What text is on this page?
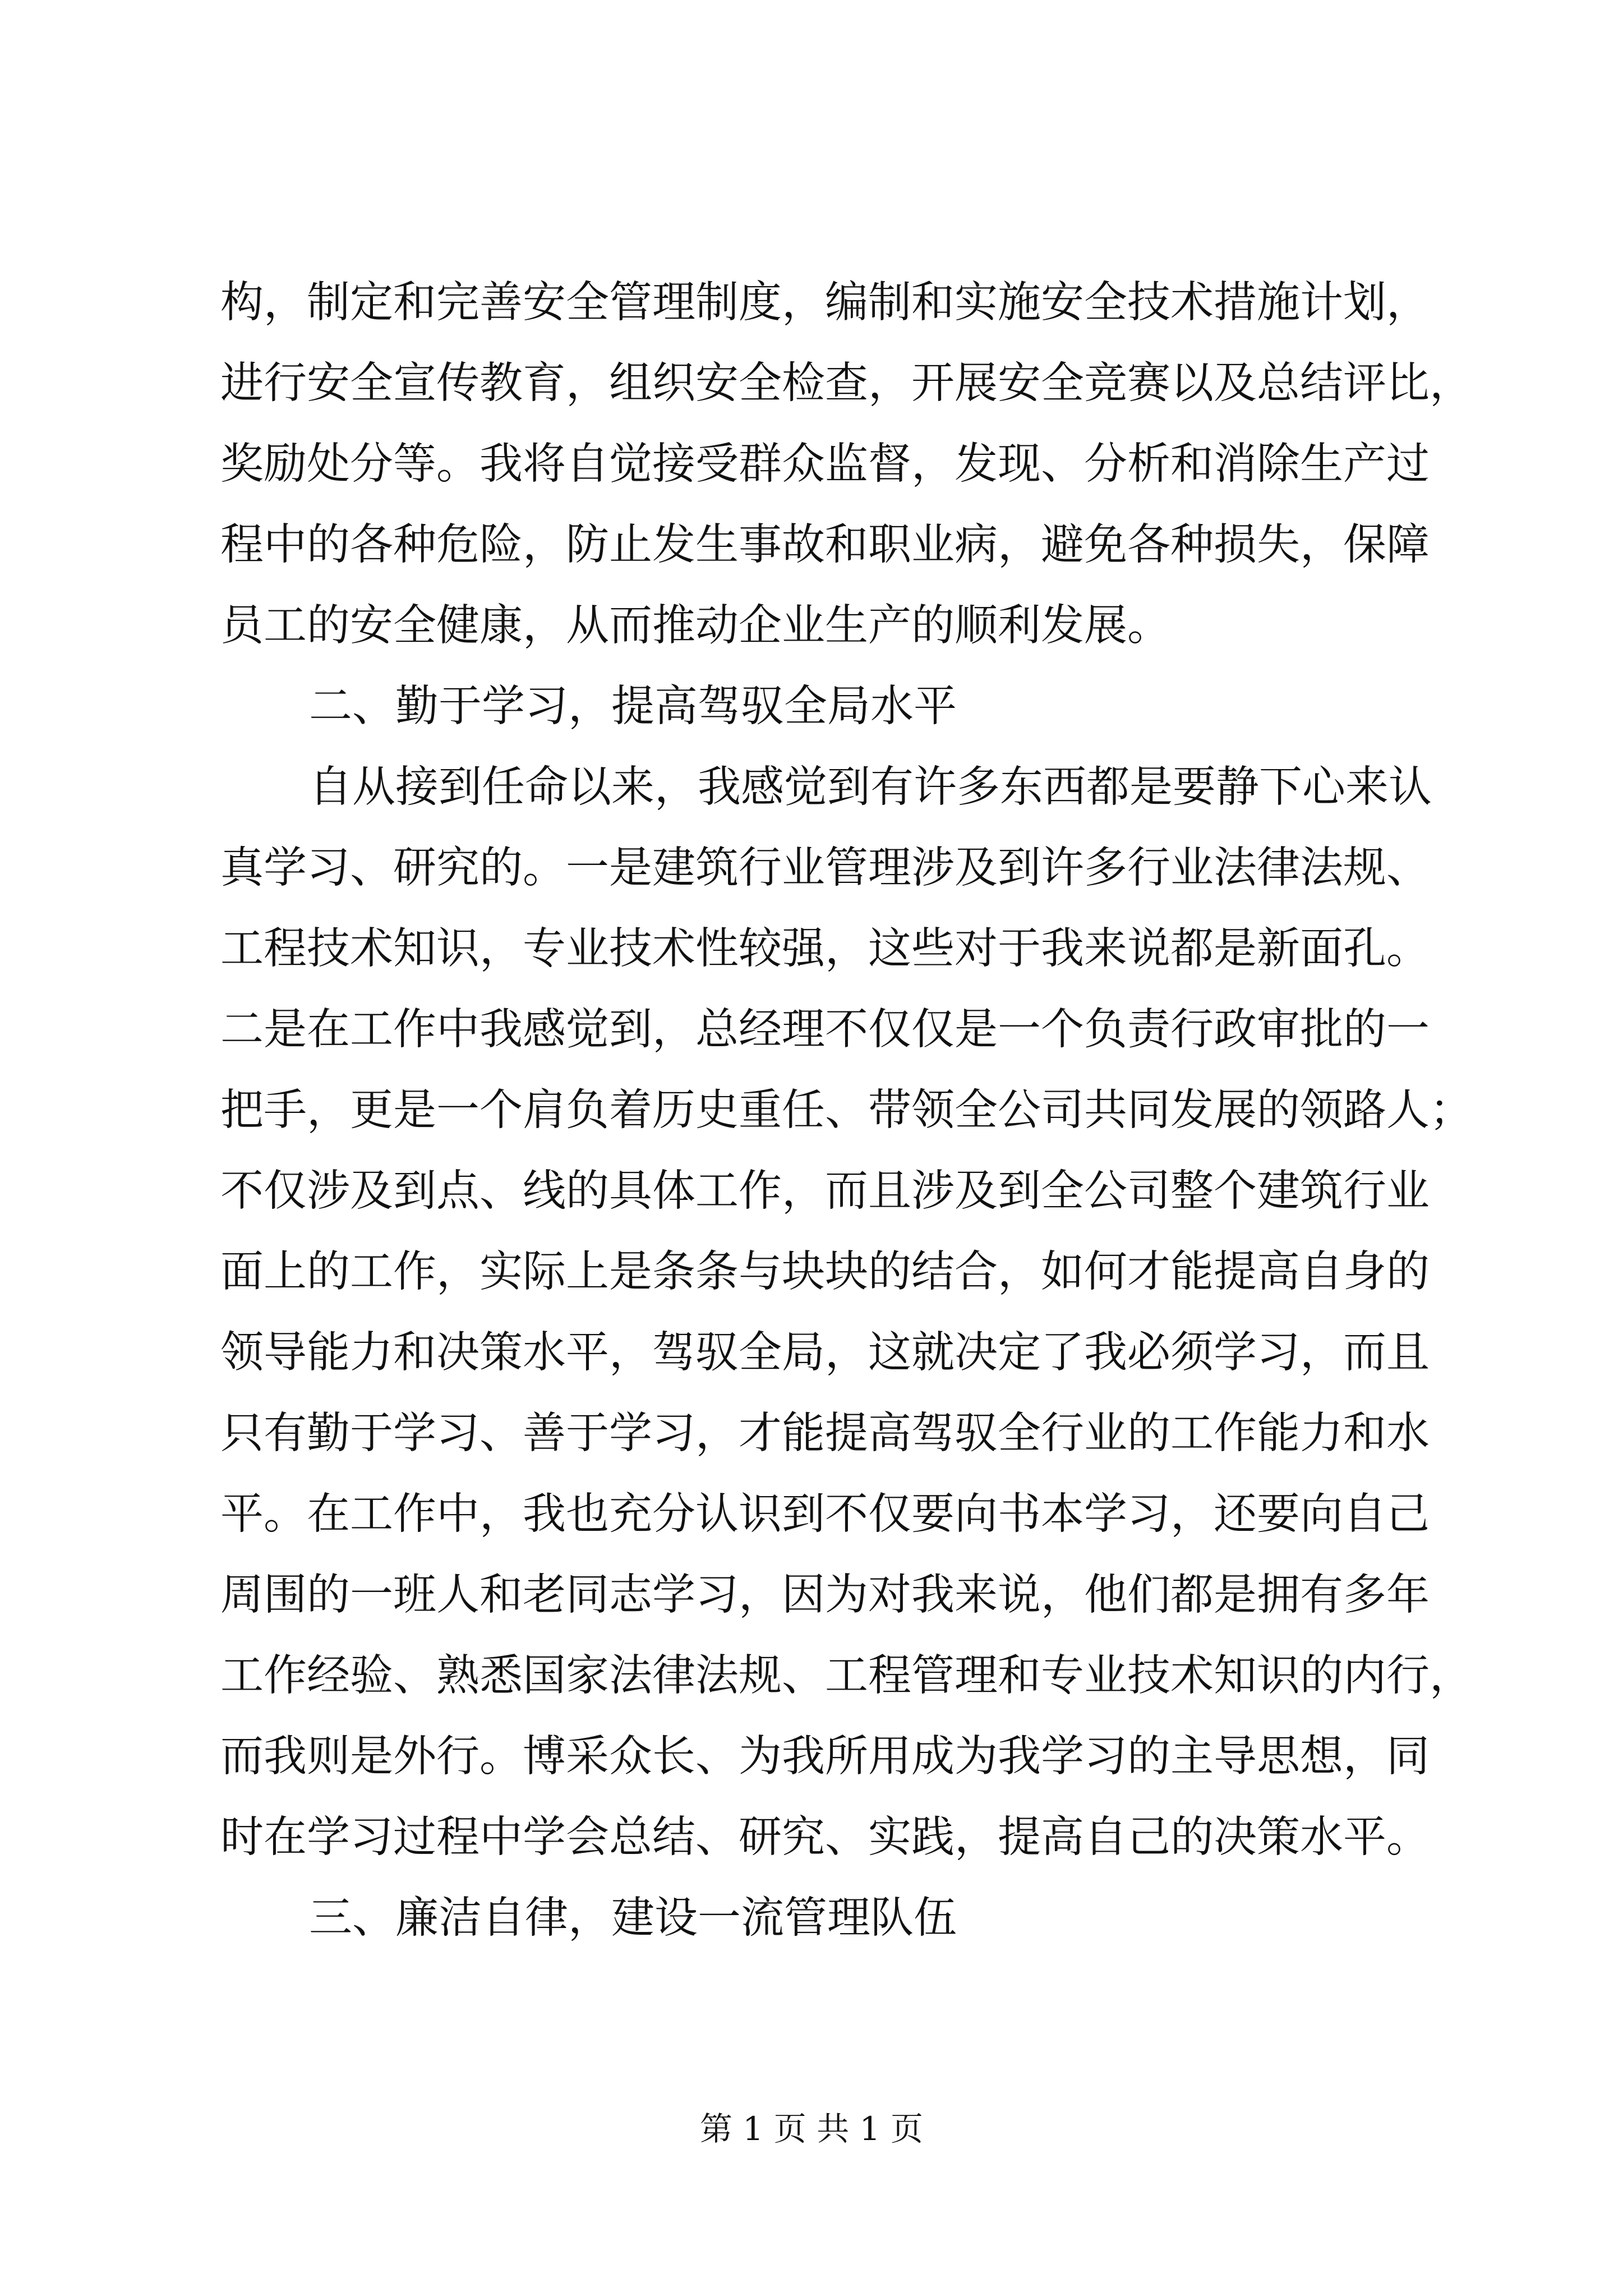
构，制定和完善安全管理制度，编制和实施安全技术措施计划，
进行安全宣传教育，组织安全检查，开展安全竞赛以及总结评比，
奖励处分等。我将自觉接受群众监督，发现、分析和消除生产过
程中的各种危险，防止发生事故和职业病，避免各种损失，保障
员工的安全健康，从而推动企业生产的顺利发展。
二、勤于学习，提高驾驭全局水平
自从接到任命以来，我感觉到有许多东西都是要静下心来认
真学习、研究的。一是建筑行业管理涉及到许多行业法律法规、
工程技术知识，专业技术性较强，这些对于我来说都是新面孔。
二是在工作中我感觉到，总经理不仅仅是一个负责行政审批的一
把手，更是一个肩负着历史重任、带领全公司共同发展的领路人；
不仅涉及到点、线的具体工作，而且涉及到全公司整个建筑行业
面上的工作，实际上是条条与块块的结合，如何才能提高自身的
领导能力和决策水平，驾驭全局，这就决定了我必须学习，而且
只有勤于学习、善于学习，才能提高驾驭全行业的工作能力和水
平。在工作中，我也充分认识到不仅要向书本学习，还要向自己
周围的一班人和老同志学习，因为对我来说，他们都是拥有多年
工作经验、熟悉国家法律法规、工程管理和专业技术知识的内行，
而我则是外行。博采众长、为我所用成为我学习的主导思想，同
时在学习过程中学会总结、研究、实践，提高自己的决策水平。
三、廉洁自律，建设一流管理队伍
第 1 页 共 1 页
